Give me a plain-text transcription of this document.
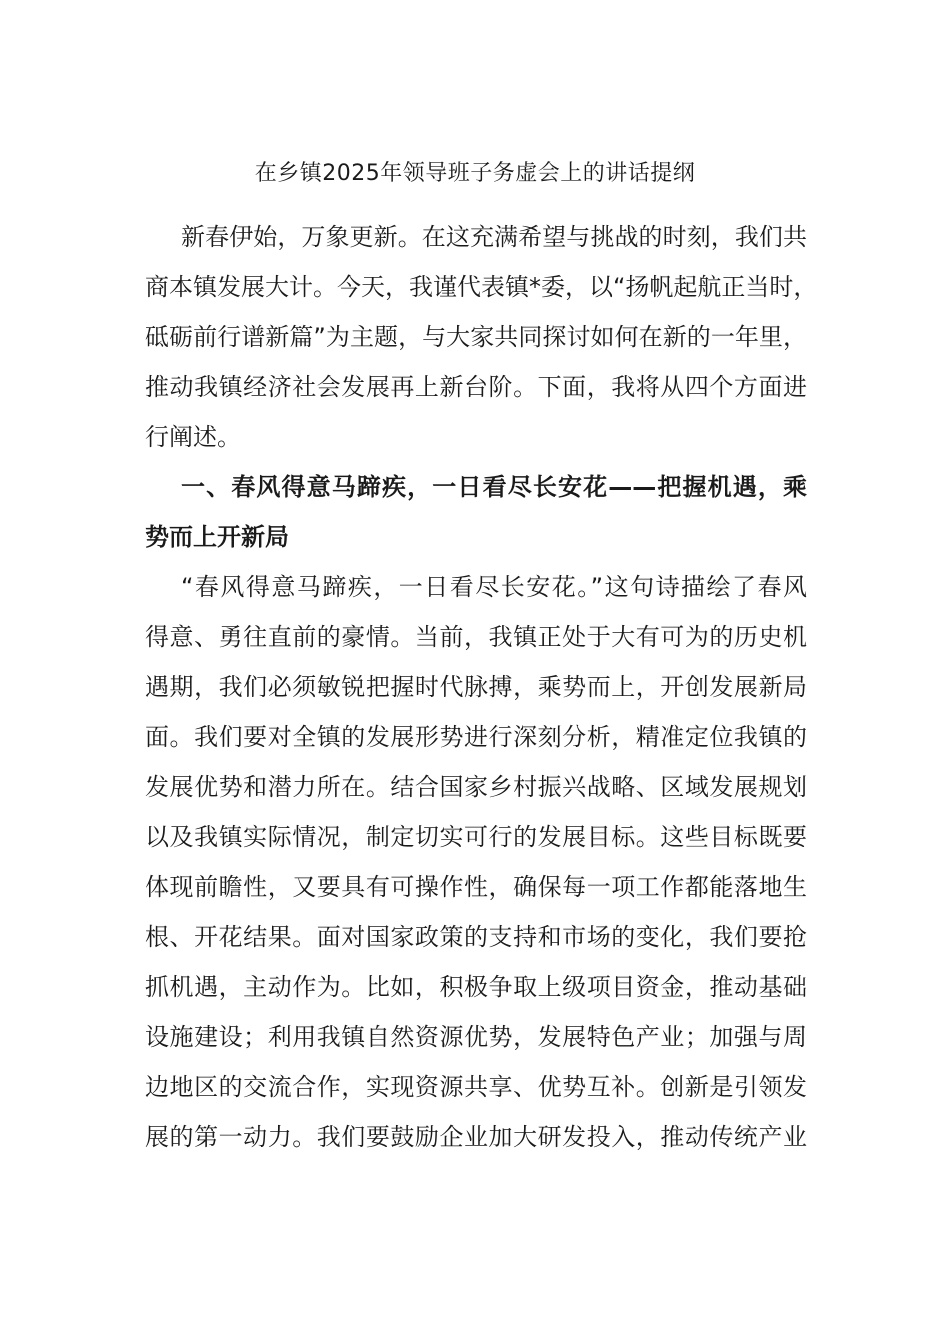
在乡镇2025年领导班子务虚会上的讲话提纲
新春伊始，万象更新。在这充满希望与挑战的时刻，我们共
商本镇发展大计。今天，我谨代表镇*委，以“扬帆起航正当时，
砥砺前行谱新篇”为主题，与大家共同探讨如何在新的一年里，
推动我镇经济社会发展再上新台阶。下面，我将从四个方面进
行阐述。
一、春风得意马蹄疾，一日看尽长安花——把握机遇，乘
势而上开新局
“春风得意马蹄疾，一日看尽长安花。”这句诗描绘了春风
得意、勇往直前的豪情。当前，我镇正处于大有可为的历史机
遇期，我们必须敏锐把握时代脉搏，乘势而上，开创发展新局
面。我们要对全镇的发展形势进行深刻分析，精准定位我镇的
发展优势和潜力所在。结合国家乡村振兴战略、区域发展规划
以及我镇实际情况，制定切实可行的发展目标。这些目标既要
体现前瞻性，又要具有可操作性，确保每一项工作都能落地生
根、开花结果。面对国家政策的支持和市场的变化，我们要抢
抓机遇，主动作为。比如，积极争取上级项目资金，推动基础
设施建设；利用我镇自然资源优势，发展特色产业；加强与周
边地区的交流合作，实现资源共享、优势互补。创新是引领发
展的第一动力。我们要鼓励企业加大研发投入，推动传统产业
